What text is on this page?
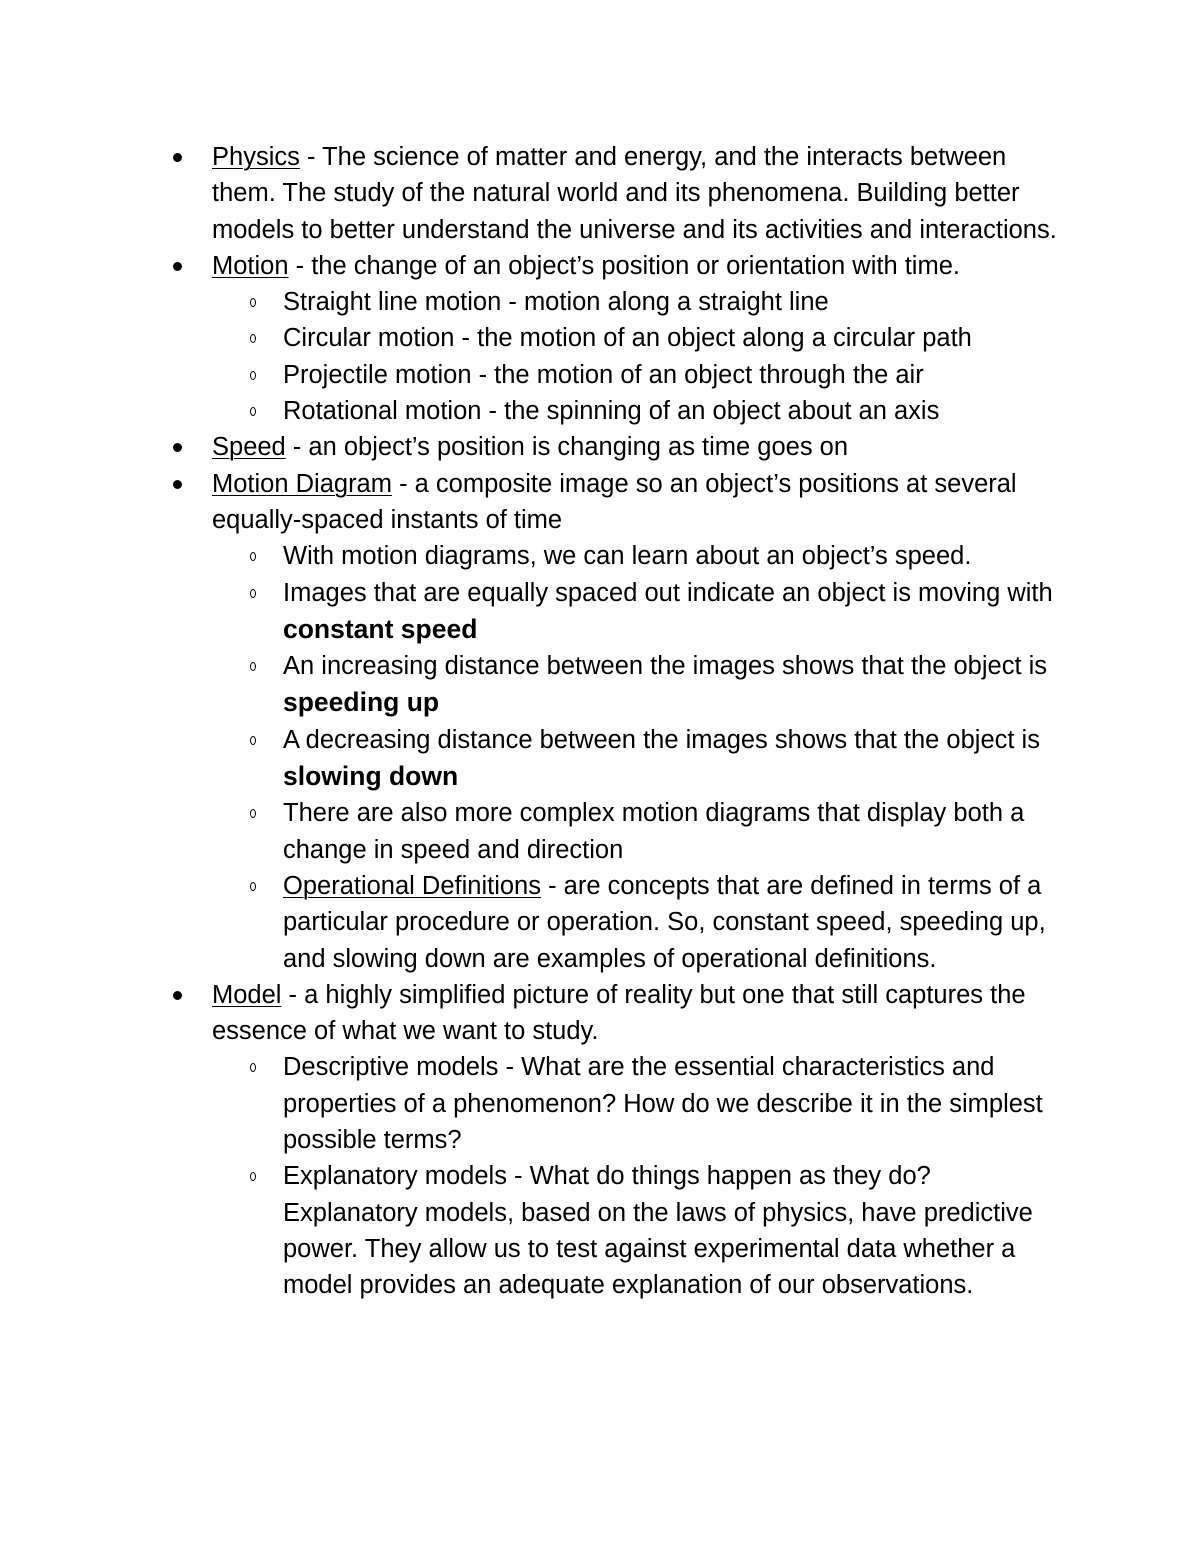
Physics - The science of matter and energy, and the interacts between them. The study of the natural world and its phenomena. Building better models to better understand the universe and its activities and interactions.
Motion - the change of an object’s position or orientation with time.
Straight line motion - motion along a straight line
Circular motion - the motion of an object along a circular path
Projectile motion - the motion of an object through the air
Rotational motion - the spinning of an object about an axis
Speed - an object’s position is changing as time goes on
Motion Diagram - a composite image so an object’s positions at several equally-spaced instants of time
With motion diagrams, we can learn about an object’s speed.
Images that are equally spaced out indicate an object is moving with constant speed
An increasing distance between the images shows that the object is speeding up
A decreasing distance between the images shows that the object is slowing down
There are also more complex motion diagrams that display both a change in speed and direction
Operational Definitions - are concepts that are defined in terms of a particular procedure or operation. So, constant speed, speeding up, and slowing down are examples of operational definitions.
Model - a highly simplified picture of reality but one that still captures the essence of what we want to study.
Descriptive models - What are the essential characteristics and properties of a phenomenon? How do we describe it in the simplest possible terms?
Explanatory models - What do things happen as they do? Explanatory models, based on the laws of physics, have predictive power. They allow us to test against experimental data whether a model provides an adequate explanation of our observations.
